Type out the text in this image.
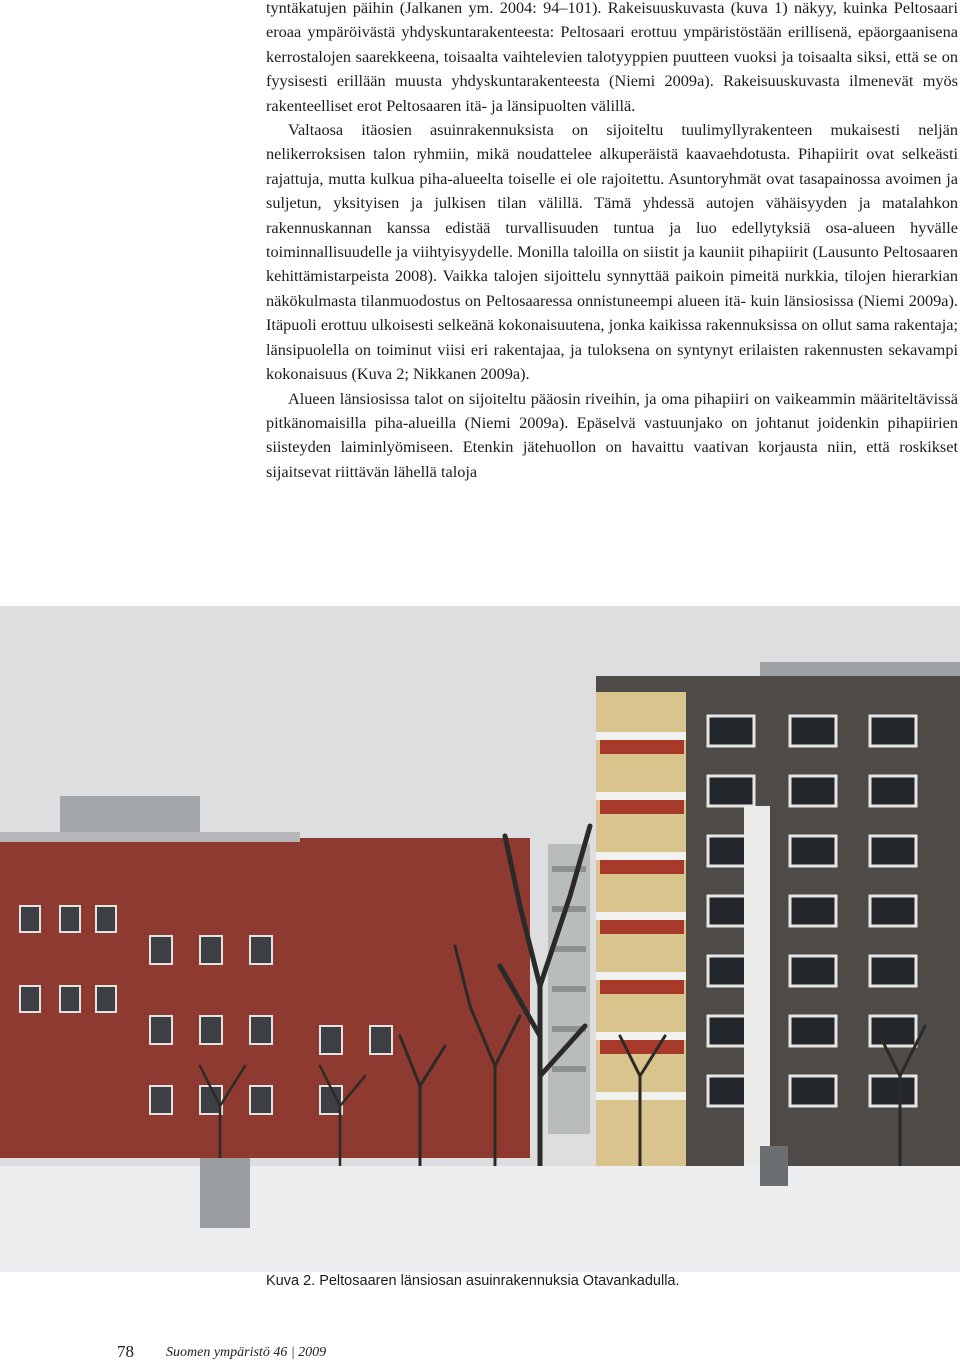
tyntäkatujen päihin (Jalkanen ym. 2004: 94–101). Rakeisuuskuvasta (kuva 1) näkyy, kuinka Peltosaari eroaa ympäröivästä yhdyskuntarakenteesta: Peltosaari erottuu ympäristöstään erillisenä, epäorgaanisena kerrostalojen saarekkeena, toisaalta vaihtelevien talotyyppien puutteen vuoksi ja toisaalta siksi, että se on fyysisesti erillään muusta yhdyskuntarakenteesta (Niemi 2009a). Rakeisuuskuvasta ilmenevät myös rakenteelliset erot Peltosaaren itä- ja länsipuolten välillä.

Valtaosa itäosien asuinrakennuksista on sijoiteltu tuulimyllyrakenteen mukaisesti neljän nelikerroksisen talon ryhmiin, mikä noudattelee alkuperäistä kaavaehdotusta. Pihapiirit ovat selkeästi rajattuja, mutta kulkua piha-alueelta toiselle ei ole rajoitettu. Asuntoryhmät ovat tasapainossa avoimen ja suljetun, yksityisen ja julkisen tilan välillä. Tämä yhdessä autojen vähäisyyden ja matalahkon rakennuskannan kanssa edistää turvallisuuden tuntua ja luo edellytyksiä osa-alueen hyvälle toiminnallisuudelle ja viihtyisyydelle. Monilla taloilla on siistit ja kauniit pihapiirit (Lausunto Peltosaaren kehittämistarpeista 2008). Vaikka talojen sijoittelu synnyttää paikoin pimeitä nurkkia, tilojen hierarkian näkökulmasta tilanmuodostus on Peltosaaressa onnistuneempi alueen itä- kuin länsiosissa (Niemi 2009a). Itäpuoli erottuu ulkoisesti selkeänä kokonaisuutena, jonka kaikissa rakennuksissa on ollut sama rakentaja; länsipuolella on toiminut viisi eri rakentajaa, ja tuloksena on syntynyt erilaisten rakennusten sekavampi kokonaisuus (Kuva 2; Nikkanen 2009a).

Alueen länsiosissa talot on sijoiteltu pääosin riveihin, ja oma pihapiiri on vaikeammin määriteltävissä pitkänomaisilla piha-alueilla (Niemi 2009a). Epäselvä vastuunjako on johtanut joidenkin pihapiirien siisteyden laiminlyömiseen. Etenkin jätehuollon on havaittu vaativan korjausta niin, että roskikset sijaitsevat riittävän lähellä taloja

Kuva 2. Peltosaaren länsiosan asuinrakennuksia Otavankadulla.
78 Suomen ympäristö 46 | 2009
